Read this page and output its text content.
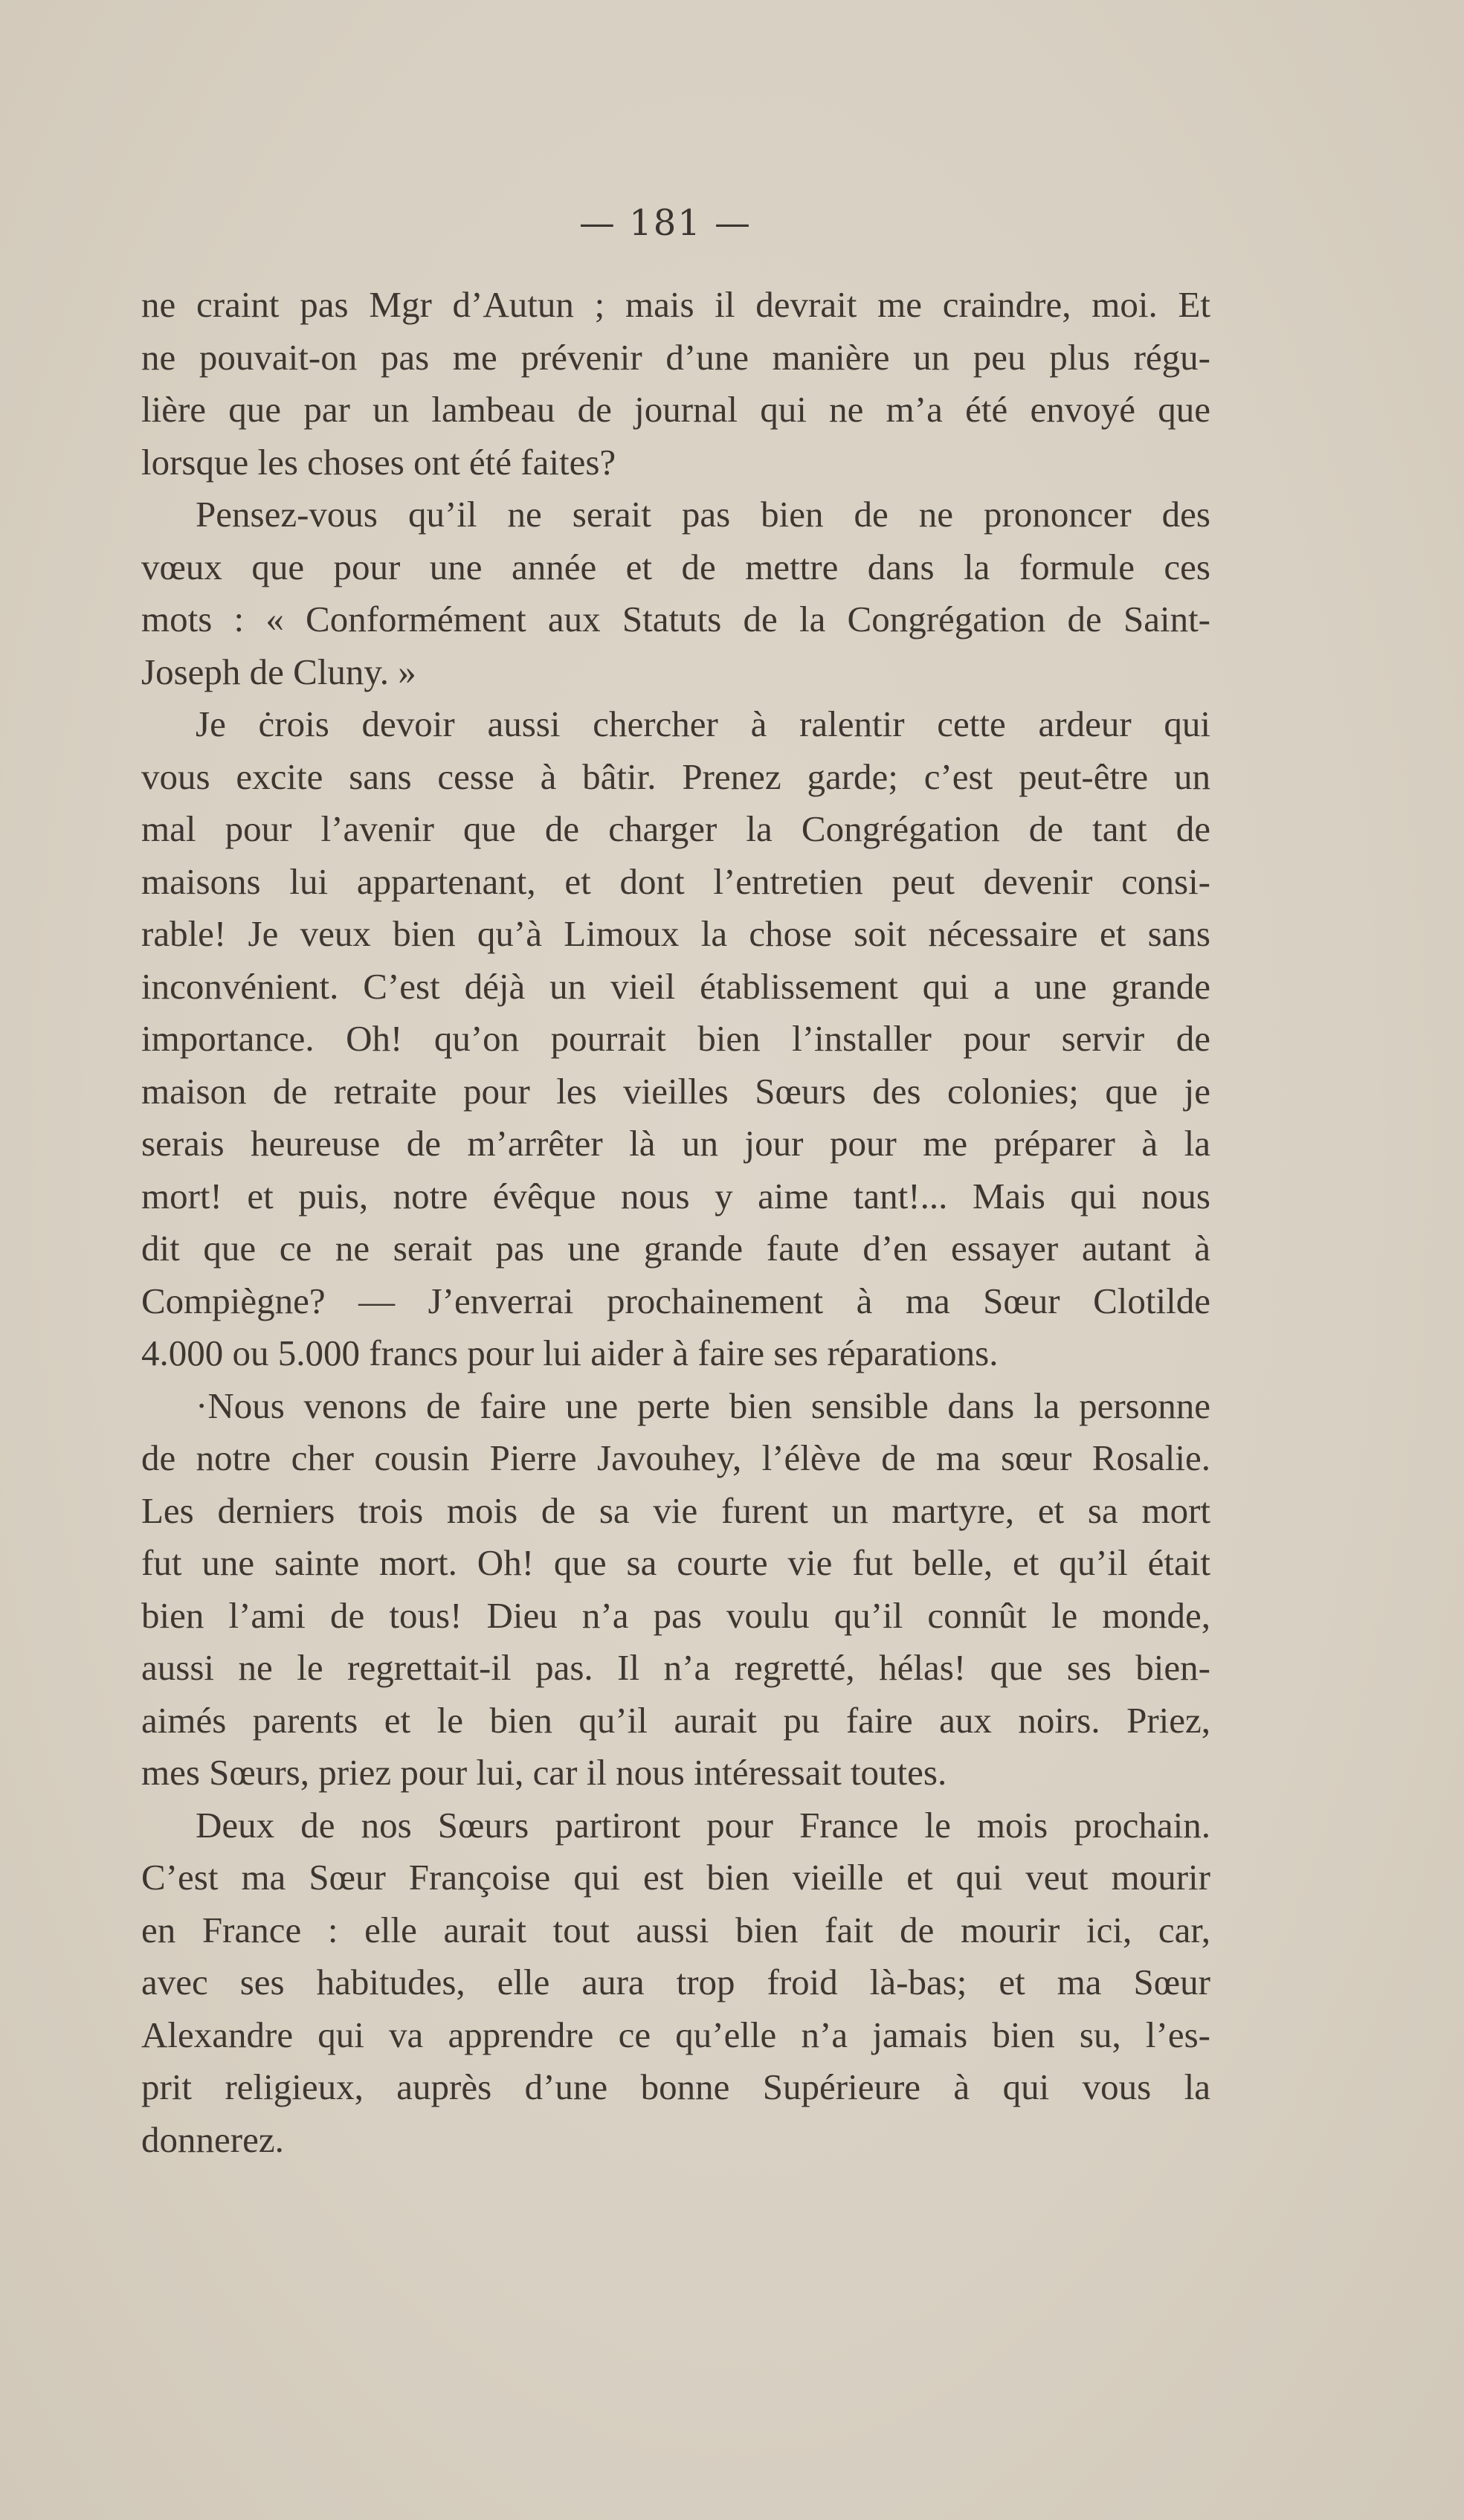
— 181 —
ne craint pas Mgr d’Autun ; mais il devrait me craindre, moi. Et
ne pouvait-on pas me prévenir d’une manière un peu plus régu-
lière que par un lambeau de journal qui ne m’a été envoyé que
lorsque les choses ont été faites?
Pensez-vous qu’il ne serait pas bien de ne prononcer des
vœux que pour une année et de mettre dans la formule ces
mots : « Conformément aux Statuts de la Congrégation de Saint-
Joseph de Cluny. »
Je ċrois devoir aussi chercher à ralentir cette ardeur qui
vous excite sans cesse à bâtir. Prenez garde; c’est peut-être un
mal pour l’avenir que de charger la Congrégation de tant de
maisons lui appartenant, et dont l’entretien peut devenir consi-
rable! Je veux bien qu’à Limoux la chose soit nécessaire et sans
inconvénient. C’est déjà un vieil établissement qui a une grande
importance. Oh! qu’on pourrait bien l’installer pour servir de
maison de retraite pour les vieilles Sœurs des colonies; que je
serais heureuse de m’arrêter là un jour pour me préparer à la
mort! et puis, notre évêque nous y aime tant!... Mais qui nous
dit que ce ne serait pas une grande faute d’en essayer autant à
Compiègne? — J’enverrai prochainement à ma Sœur Clotilde
4.000 ou 5.000 francs pour lui aider à faire ses réparations.
·Nous venons de faire une perte bien sensible dans la personne
de notre cher cousin Pierre Javouhey, l’élève de ma sœur Rosalie.
Les derniers trois mois de sa vie furent un martyre, et sa mort
fut une sainte mort. Oh! que sa courte vie fut belle, et qu’il était
bien l’ami de tous! Dieu n’a pas voulu qu’il connût le monde,
aussi ne le regrettait-il pas. Il n’a regretté, hélas! que ses bien-
aimés parents et le bien qu’il aurait pu faire aux noirs. Priez,
mes Sœurs, priez pour lui, car il nous intéressait toutes.
Deux de nos Sœurs partiront pour France le mois prochain.
C’est ma Sœur Françoise qui est bien vieille et qui veut mourir
en France : elle aurait tout aussi bien fait de mourir ici, car,
avec ses habitudes, elle aura trop froid là-bas; et ma Sœur
Alexandre qui va apprendre ce qu’elle n’a jamais bien su, l’es-
prit religieux, auprès d’une bonne Supérieure à qui vous la
donnerez.
